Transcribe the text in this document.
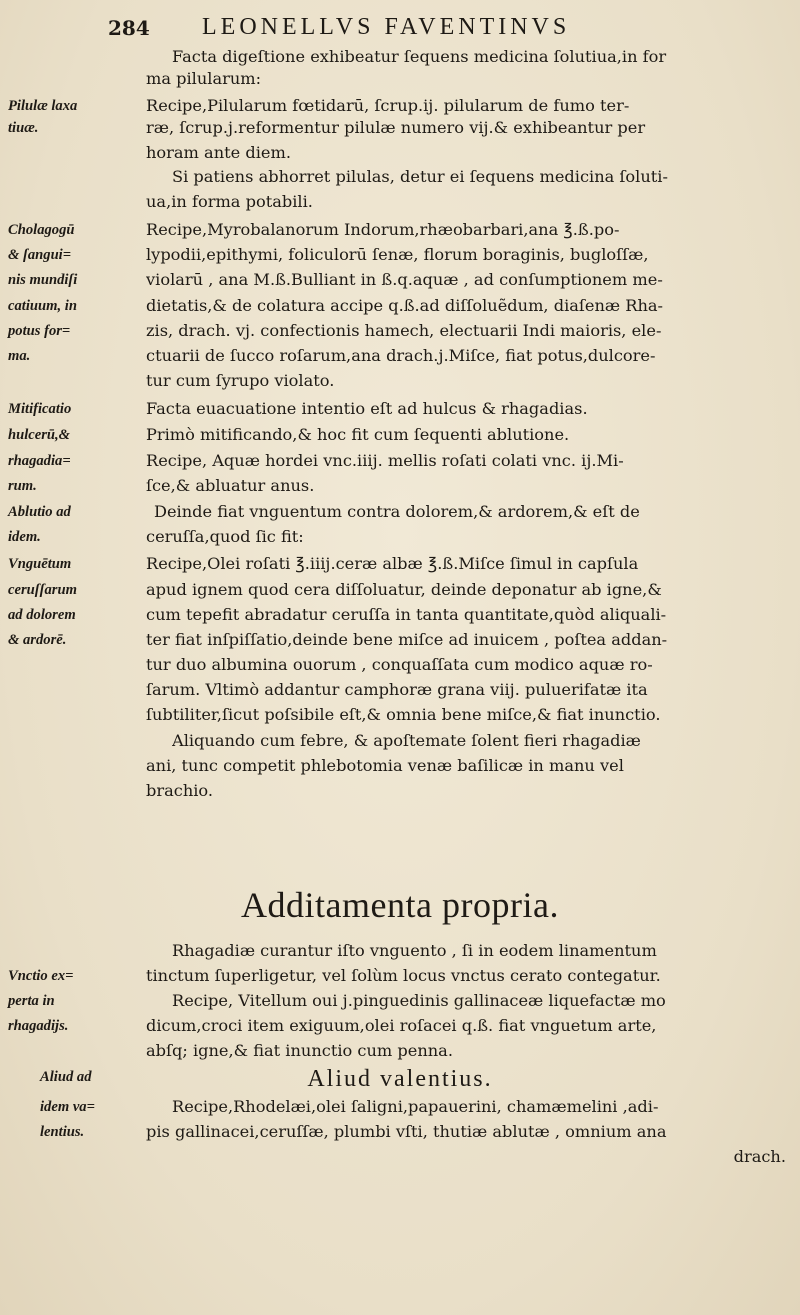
284 LEONELLVS FAVENTINVS
Facta digeſtione exhibeatur ſequens medicina ſolutiua,in for
ma pilularum:
Recipe,Pilularum fœtidarū, ſcrup.ij. pilularum de fumo ter-
ræ, ſcrup.j.reformentur pilulæ numero vij.& exhibeantur per
horam ante diem.
Si patiens abhorret pilulas, detur ei ſequens medicina ſoluti-
ua,in forma potabili.
Recipe,Myrobalanorum Indorum,rhæobarbari,ana ℥.ß.po-
lypodii,epithymi, foliculorū ſenæ, florum boraginis, bugloſſæ,
violarū , ana M.ß.Bulliant in ß.q.aquæ , ad conſumptionem me-
dietatis,& de colatura accipe q.ß.ad diſſoluẽdum, diaſenæ Rha-
zis, drach. vj. confectionis hamech, electuarii Indi maioris, ele-
ctuarii de ſucco roſarum,ana drach.j.Miſce, fiat potus,dulcore-
tur cum ſyrupo violato.
Facta euacuatione intentio eſt ad hulcus & rhagadias.
Primò mitificando,& hoc fit cum ſequenti ablutione.
Recipe, Aquæ hordei vnc.iiij. mellis roſati colati vnc. ij.Mi-
ſce,& abluatur anus.
Deinde fiat vnguentum contra dolorem,& ardorem,& eſt de
ceruſſa,quod ſic fit:
Recipe,Olei roſati ℥.iiij.ceræ albæ ℥.ß.Miſce ſimul in capſula
apud ignem quod cera diſſoluatur, deinde deponatur ab igne,&
cum tepefit abradatur ceruſſa in tanta quantitate,quòd aliquali-
ter fiat inſpiſſatio,deinde bene miſce ad inuicem , poſtea addan-
tur duo albumina ouorum , conquaſſata cum modico aquæ ro-
ſarum. Vltimò addantur camphoræ grana viij. puluerifatæ ita
ſubtiliter,ſicut poſsibile eſt,& omnia bene miſce,& fiat inunctio.
Aliquando cum febre, & apoſtemate ſolent fieri rhagadiæ
ani, tunc competit phlebotomia venæ baſilicæ in manu vel
brachio.
Additamenta propria.
Rhagadiæ curantur iſto vnguento , ſi in eodem linamentum
tinctum ſuperligetur, vel ſolùm locus vnctus cerato contegatur.
Recipe, Vitellum oui j.pinguedinis gallinaceæ liquefactæ mo
dicum,croci item exiguum,olei roſacei q.ß. fiat vnguetum arte,
abſq; igne,& fiat inunctio cum penna.
Aliud valentius.
Recipe,Rhodelæi,olei ſaligni,papauerini, chamæmelini ,adi-
pis gallinacei,ceruſſæ, plumbi vſti, thutiæ ablutæ , omnium ana
drach.
Pilulæ laxa
tiuæ.
Cholagogū
& ſangui=
nis mundiſi
catiuum, in
potus for=
ma.
Mitificatio
hulcerū,&
rhagadia=
rum.
Ablutio ad
idem.
Vnguētum
ceruſſarum
ad dolorem
& ardorē.
Vnctio ex=
perta in
rhagadijs.
Aliud ad
idem va=
lentius.
